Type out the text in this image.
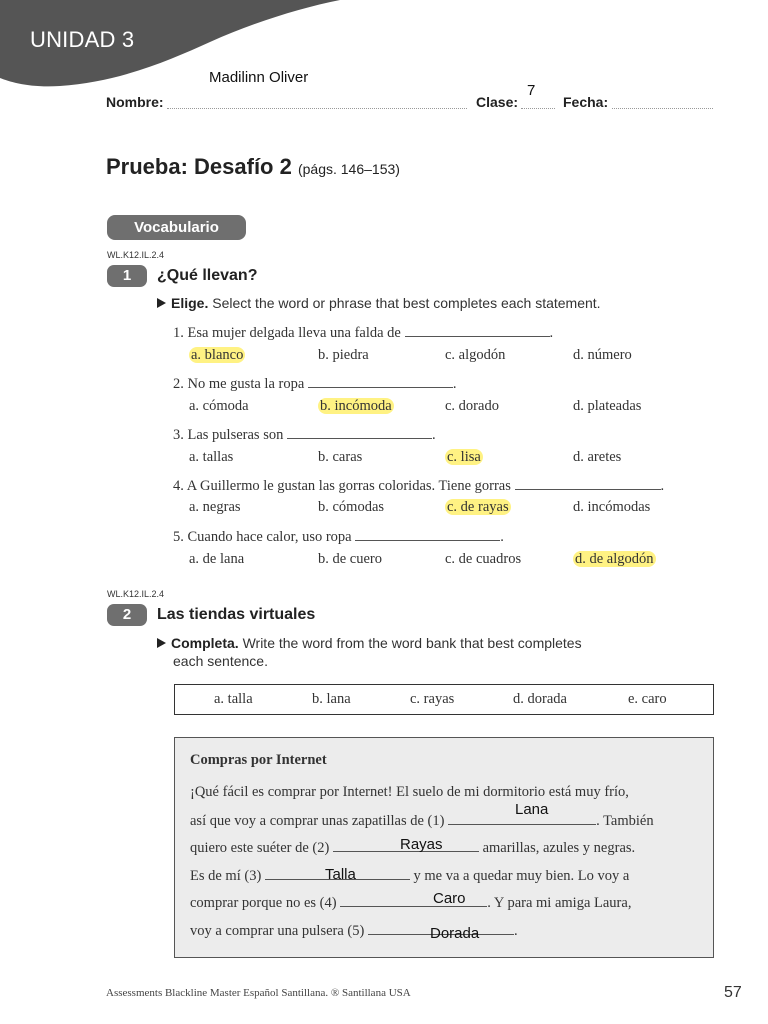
UNIDAD 3
Madilinn Oliver
7
Nombre:	Clase:	Fecha:
Prueba: Desafío 2 (págs. 146–153)
Vocabulario
WL.K12.IL.2.4
1	¿Qué llevan?
Elige. Select the word or phrase that best completes each statement.
1. Esa mujer delgada lleva una falda de	.
a. blanco	b. piedra	c. algodón	d. número
2. No me gusta la ropa	.
a. cómoda	b. incómoda	c. dorado	d. plateadas
3. Las pulseras son	.
a. tallas	b. caras	c. lisa	d. aretes
4. A Guillermo le gustan las gorras coloridas. Tiene gorras	.
a. negras	b. cómodas	c. de rayas	d. incómodas
5. Cuando hace calor, uso ropa	.
a. de lana	b. de cuero	c. de cuadros	d. de algodón
WL.K12.IL.2.4
2	Las tiendas virtuales
Completa. Write the word from the word bank that best completes
each sentence.
a. talla	b. lana	c. rayas	d. dorada	e. caro
Compras por Internet
¡Qué fácil es comprar por Internet! El suelo de mi dormitorio está muy frío,
así que voy a comprar unas zapatillas de (1)	. También
quiero este suéter de (2)	amarillas, azules y negras.
Es de mí (3)	y me va a quedar muy bien. Lo voy a
comprar porque no es (4)	. Y para mi amiga Laura,
voy a comprar una pulsera (5)	.
Lana
Rayas
Talla
Caro
Dorada
Assessments Blackline Master Español Santillana. ® Santillana USA	57
